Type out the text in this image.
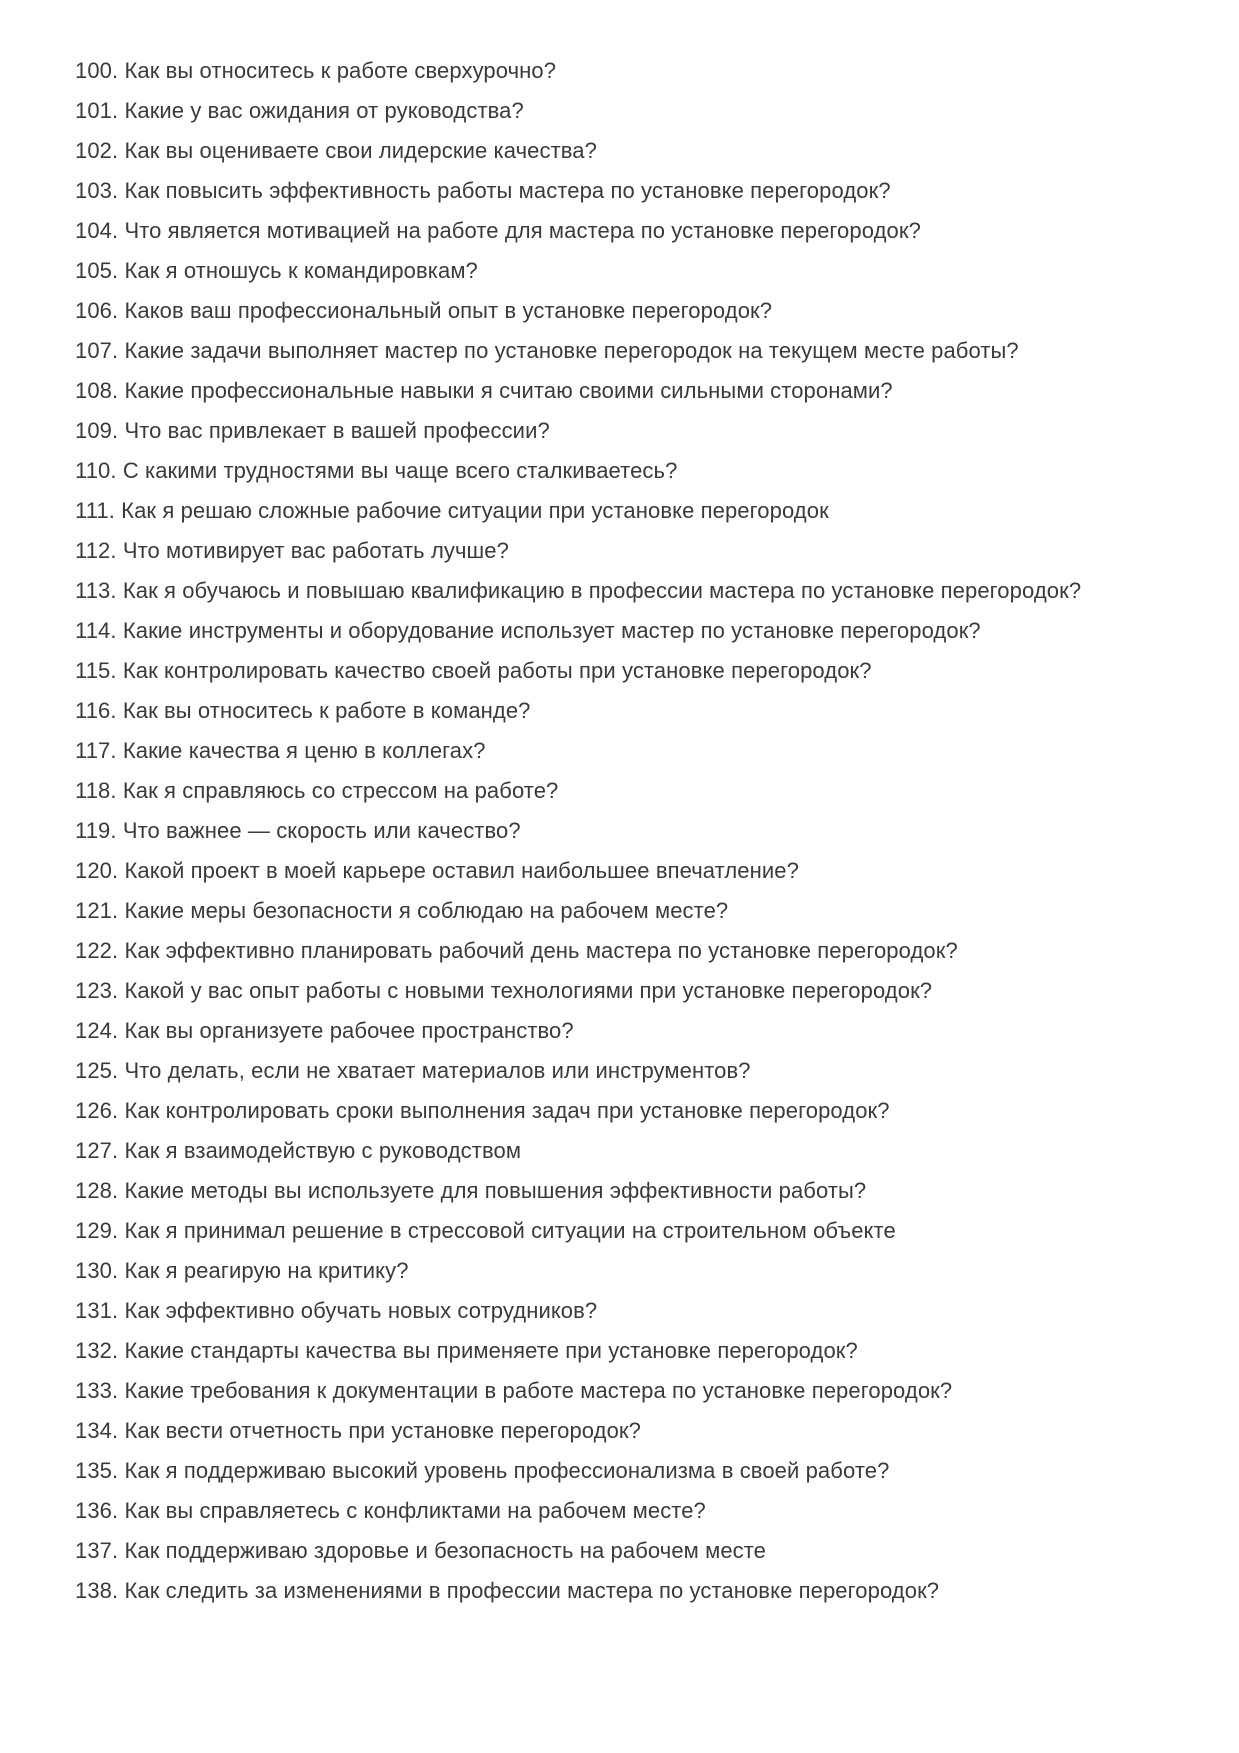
100. Как вы относитесь к работе сверхурочно?
101. Какие у вас ожидания от руководства?
102. Как вы оцениваете свои лидерские качества?
103. Как повысить эффективность работы мастера по установке перегородок?
104. Что является мотивацией на работе для мастера по установке перегородок?
105. Как я отношусь к командировкам?
106. Каков ваш профессиональный опыт в установке перегородок?
107. Какие задачи выполняет мастер по установке перегородок на текущем месте работы?
108. Какие профессиональные навыки я считаю своими сильными сторонами?
109. Что вас привлекает в вашей профессии?
110. С какими трудностями вы чаще всего сталкиваетесь?
111. Как я решаю сложные рабочие ситуации при установке перегородок
112. Что мотивирует вас работать лучше?
113. Как я обучаюсь и повышаю квалификацию в профессии мастера по установке перегородок?
114. Какие инструменты и оборудование использует мастер по установке перегородок?
115. Как контролировать качество своей работы при установке перегородок?
116. Как вы относитесь к работе в команде?
117. Какие качества я ценю в коллегах?
118. Как я справляюсь со стрессом на работе?
119. Что важнее — скорость или качество?
120. Какой проект в моей карьере оставил наибольшее впечатление?
121. Какие меры безопасности я соблюдаю на рабочем месте?
122. Как эффективно планировать рабочий день мастера по установке перегородок?
123. Какой у вас опыт работы с новыми технологиями при установке перегородок?
124. Как вы организуете рабочее пространство?
125. Что делать, если не хватает материалов или инструментов?
126. Как контролировать сроки выполнения задач при установке перегородок?
127. Как я взаимодействую с руководством
128. Какие методы вы используете для повышения эффективности работы?
129. Как я принимал решение в стрессовой ситуации на строительном объекте
130. Как я реагирую на критику?
131. Как эффективно обучать новых сотрудников?
132. Какие стандарты качества вы применяете при установке перегородок?
133. Какие требования к документации в работе мастера по установке перегородок?
134. Как вести отчетность при установке перегородок?
135. Как я поддерживаю высокий уровень профессионализма в своей работе?
136. Как вы справляетесь с конфликтами на рабочем месте?
137. Как поддерживаю здоровье и безопасность на рабочем месте
138. Как следить за изменениями в профессии мастера по установке перегородок?
